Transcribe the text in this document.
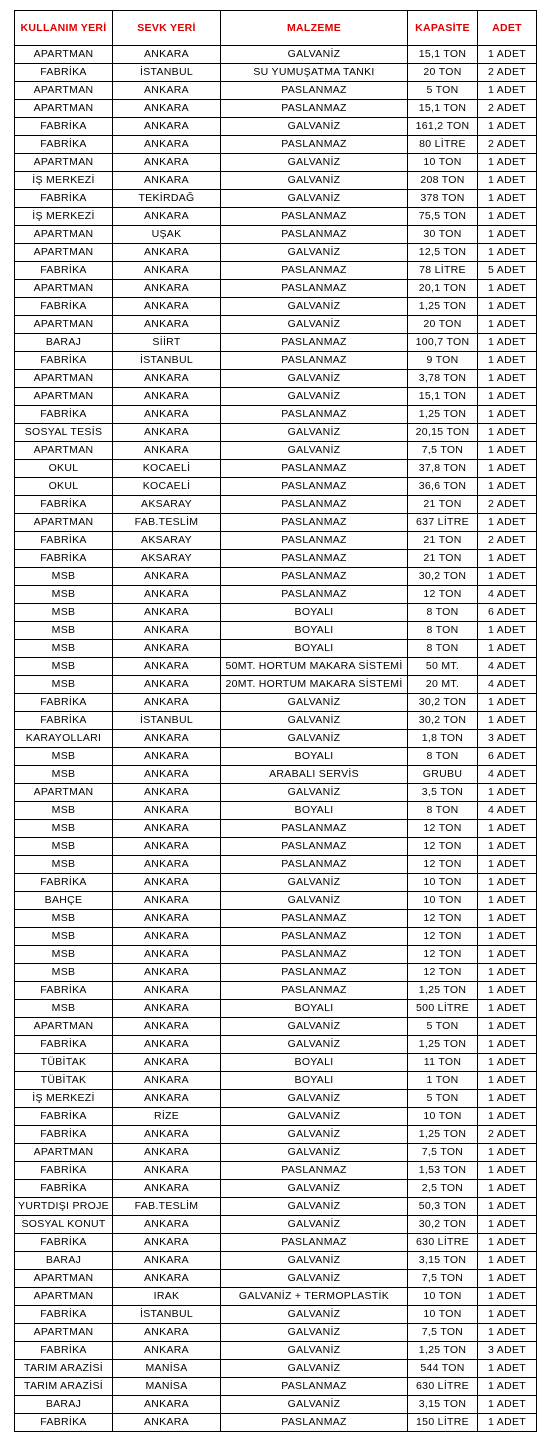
KULLANIM YERİ	SEVK YERİ	MALZEME	KAPASİTE	ADET
APARTMAN	ANKARA	GALVANİZ	15,1 TON	1 ADET
FABRİKA	İSTANBUL	SU YUMUŞATMA TANKI	20 TON	2 ADET
APARTMAN	ANKARA	PASLANMAZ	5 TON	1 ADET
APARTMAN	ANKARA	PASLANMAZ	15,1 TON	2 ADET
FABRİKA	ANKARA	GALVANİZ	161,2 TON	1 ADET
FABRİKA	ANKARA	PASLANMAZ	80 LİTRE	2 ADET
APARTMAN	ANKARA	GALVANİZ	10 TON	1 ADET
İŞ MERKEZİ	ANKARA	GALVANİZ	208 TON	1 ADET
FABRİKA	TEKİRDAĞ	GALVANİZ	378 TON	1 ADET
İŞ MERKEZİ	ANKARA	PASLANMAZ	75,5 TON	1 ADET
APARTMAN	UŞAK	PASLANMAZ	30 TON	1 ADET
APARTMAN	ANKARA	GALVANİZ	12,5 TON	1 ADET
FABRİKA	ANKARA	PASLANMAZ	78 LİTRE	5 ADET
APARTMAN	ANKARA	PASLANMAZ	20,1 TON	1 ADET
FABRİKA	ANKARA	GALVANİZ	1,25 TON	1 ADET
APARTMAN	ANKARA	GALVANİZ	20 TON	1 ADET
BARAJ	SİİRT	PASLANMAZ	100,7 TON	1 ADET
FABRİKA	İSTANBUL	PASLANMAZ	9 TON	1 ADET
APARTMAN	ANKARA	GALVANİZ	3,78 TON	1 ADET
APARTMAN	ANKARA	GALVANİZ	15,1 TON	1 ADET
FABRİKA	ANKARA	PASLANMAZ	1,25 TON	1 ADET
SOSYAL TESİS	ANKARA	GALVANİZ	20,15 TON	1 ADET
APARTMAN	ANKARA	GALVANİZ	7,5 TON	1 ADET
OKUL	KOCAELİ	PASLANMAZ	37,8 TON	1 ADET
OKUL	KOCAELİ	PASLANMAZ	36,6 TON	1 ADET
FABRİKA	AKSARAY	PASLANMAZ	21 TON	2 ADET
APARTMAN	FAB.TESLİM	PASLANMAZ	637 LİTRE	1 ADET
FABRİKA	AKSARAY	PASLANMAZ	21 TON	2 ADET
FABRİKA	AKSARAY	PASLANMAZ	21 TON	1 ADET
MSB	ANKARA	PASLANMAZ	30,2 TON	1 ADET
MSB	ANKARA	PASLANMAZ	12 TON	4 ADET
MSB	ANKARA	BOYALI	8 TON	6 ADET
MSB	ANKARA	BOYALI	8 TON	1 ADET
MSB	ANKARA	BOYALI	8 TON	1 ADET
MSB	ANKARA	50MT. HORTUM MAKARA SİSTEMİ	50 MT.	4 ADET
MSB	ANKARA	20MT. HORTUM MAKARA SİSTEMİ	20 MT.	4 ADET
FABRİKA	ANKARA	GALVANİZ	30,2 TON	1 ADET
FABRİKA	İSTANBUL	GALVANİZ	30,2 TON	1 ADET
KARAYOLLARI	ANKARA	GALVANİZ	1,8 TON	3 ADET
MSB	ANKARA	BOYALI	8 TON	6 ADET
MSB	ANKARA	ARABALI SERVİS	GRUBU	4 ADET
APARTMAN	ANKARA	GALVANİZ	3,5 TON	1 ADET
MSB	ANKARA	BOYALI	8 TON	4 ADET
MSB	ANKARA	PASLANMAZ	12 TON	1 ADET
MSB	ANKARA	PASLANMAZ	12 TON	1 ADET
MSB	ANKARA	PASLANMAZ	12 TON	1 ADET
FABRİKA	ANKARA	GALVANİZ	10 TON	1 ADET
BAHÇE	ANKARA	GALVANİZ	10 TON	1 ADET
MSB	ANKARA	PASLANMAZ	12 TON	1 ADET
MSB	ANKARA	PASLANMAZ	12 TON	1 ADET
MSB	ANKARA	PASLANMAZ	12 TON	1 ADET
MSB	ANKARA	PASLANMAZ	12 TON	1 ADET
FABRİKA	ANKARA	PASLANMAZ	1,25 TON	1 ADET
MSB	ANKARA	BOYALI	500 LİTRE	1 ADET
APARTMAN	ANKARA	GALVANİZ	5 TON	1 ADET
FABRİKA	ANKARA	GALVANİZ	1,25 TON	1 ADET
TÜBİTAK	ANKARA	BOYALI	11 TON	1 ADET
TÜBİTAK	ANKARA	BOYALI	1 TON	1 ADET
İŞ MERKEZİ	ANKARA	GALVANİZ	5 TON	1 ADET
FABRİKA	RİZE	GALVANİZ	10 TON	1 ADET
FABRİKA	ANKARA	GALVANİZ	1,25 TON	2 ADET
APARTMAN	ANKARA	GALVANİZ	7,5 TON	1 ADET
FABRİKA	ANKARA	PASLANMAZ	1,53 TON	1 ADET
FABRİKA	ANKARA	GALVANİZ	2,5 TON	1 ADET
YURTDIŞI PROJE	FAB.TESLİM	GALVANİZ	50,3 TON	1 ADET
SOSYAL KONUT	ANKARA	GALVANİZ	30,2 TON	1 ADET
FABRİKA	ANKARA	PASLANMAZ	630 LİTRE	1 ADET
BARAJ	ANKARA	GALVANİZ	3,15 TON	1 ADET
APARTMAN	ANKARA	GALVANİZ	7,5 TON	1 ADET
APARTMAN	IRAK	GALVANİZ + TERMOPLASTİK	10 TON	1 ADET
FABRİKA	İSTANBUL	GALVANİZ	10 TON	1 ADET
APARTMAN	ANKARA	GALVANİZ	7,5 TON	1 ADET
FABRİKA	ANKARA	GALVANİZ	1,25 TON	3 ADET
TARIM ARAZİSİ	MANİSA	GALVANİZ	544 TON	1 ADET
TARIM ARAZİSİ	MANİSA	PASLANMAZ	630 LİTRE	1 ADET
BARAJ	ANKARA	GALVANİZ	3,15 TON	1 ADET
FABRİKA	ANKARA	PASLANMAZ	150 LİTRE	1 ADET
